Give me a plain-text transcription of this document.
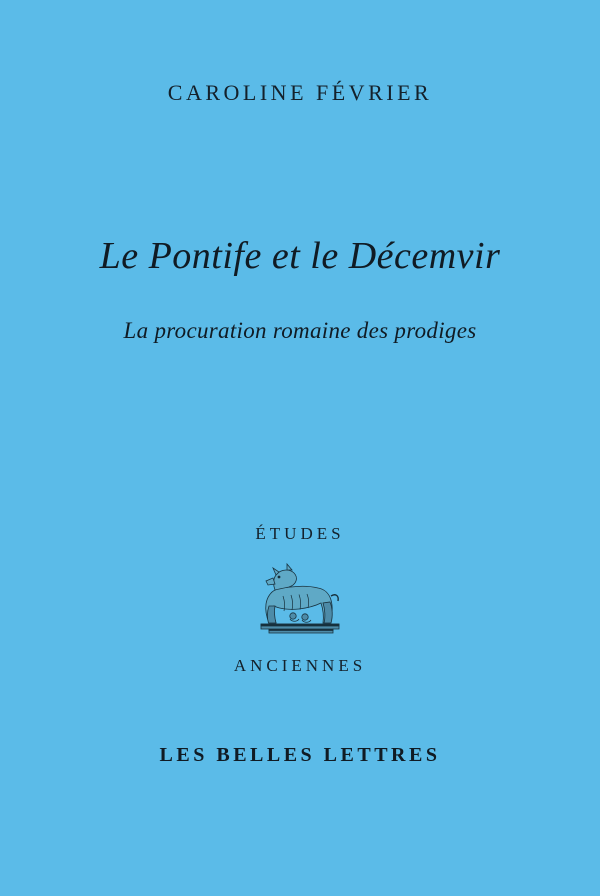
CAROLINE FÉVRIER
Le Pontife et le Décemvir
La procuration romaine des prodiges
ÉTUDES
ANCIENNES
LES BELLES LETTRES
